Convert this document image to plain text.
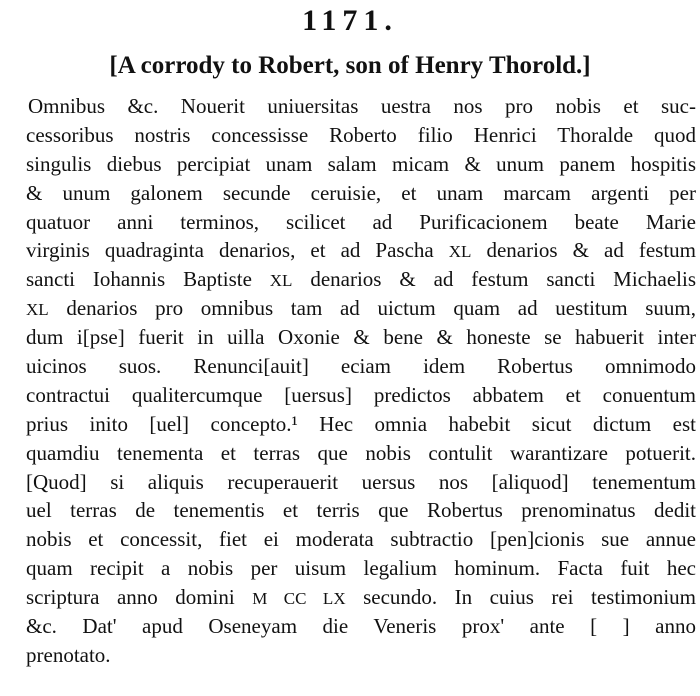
1171.
[A corrody to Robert, son of Henry Thorold.]
Omnibus &c. Nouerit uniuersitas uestra nos pro nobis et suc-
cessoribus nostris concessisse Roberto filio Henrici Thoralde quod
singulis diebus percipiat unam salam micam & unum panem hospitis
& unum galonem secunde ceruisie, et unam marcam argenti per
quatuor anni terminos, scilicet ad Purificacionem beate Marie
virginis quadraginta denarios, et ad Pascha XL denarios & ad festum
sancti Iohannis Baptiste XL denarios & ad festum sancti Michaelis
XL denarios pro omnibus tam ad uictum quam ad uestitum suum,
dum i[pse] fuerit in uilla Oxonie & bene & honeste se habuerit inter
uicinos suos. Renunci[auit] eciam idem Robertus omnimodo
contractui qualitercumque [uersus] predictos abbatem et conuentum
prius inito [uel] concepto.¹ Hec omnia habebit sicut dictum est
quamdiu tenementa et terras que nobis contulit warantizare potuerit.
[Quod] si aliquis recuperauerit uersus nos [aliquod] tenementum
uel terras de tenementis et terris que Robertus prenominatus dedit
nobis et concessit, fiet ei moderata subtractio [pen]cionis sue annue
quam recipit a nobis per uisum legalium hominum. Facta fuit hec
scriptura anno domini M CC LX secundo. In cuius rei testimonium
&c. Dat' apud Oseneyam die Veneris prox' ante [ ] anno
prenotato.
